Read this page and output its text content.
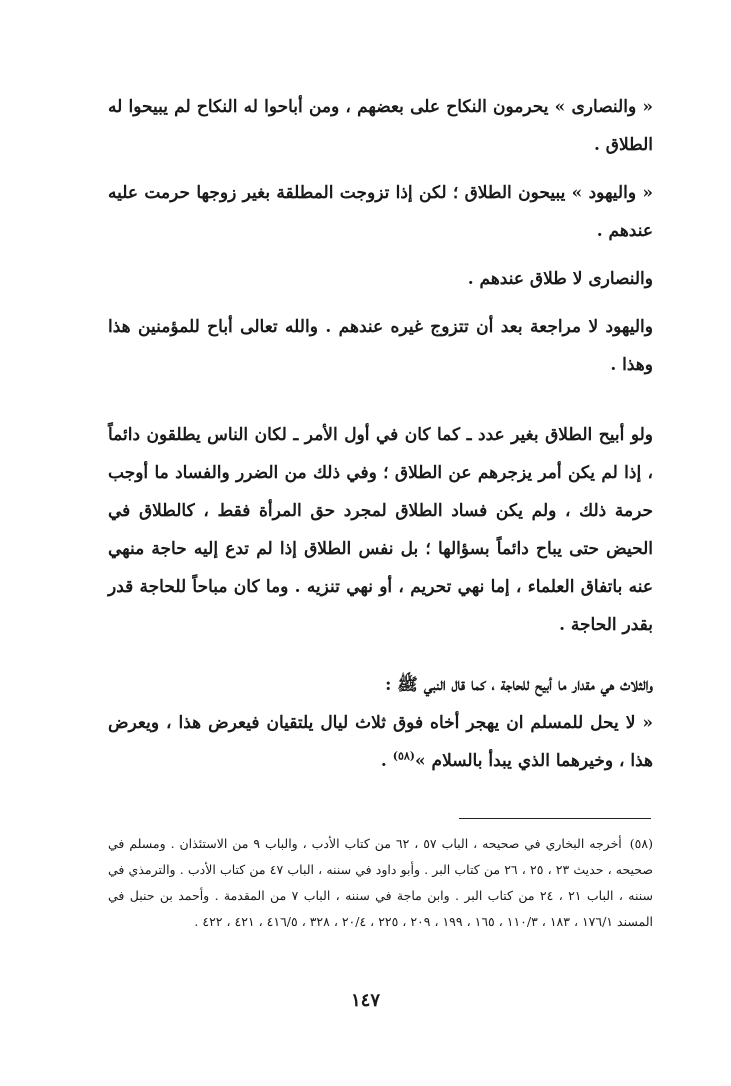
« والنصارى » يحرمون النكاح على بعضهم ، ومن أباحوا له النكاح لم يبيحوا له الطلاق .

« واليهود » يبيحون الطلاق ؛ لكن إذا تزوجت المطلقة بغير زوجها حرمت عليه عندهم .

والنصارى لا طلاق عندهم .

واليهود لا مراجعة بعد أن تتزوج غيره عندهم . والله تعالى أباح للمؤمنين هذا وهذا .

ولو أبيح الطلاق بغير عدد ـ كما كان في أول الأمر ـ لكان الناس يطلقون دائماً ، إذا لم يكن أمر يزجرهم عن الطلاق ؛ وفي ذلك من الضرر والفساد ما أوجب حرمة ذلك ، ولم يكن فساد الطلاق لمجرد حق المرأة فقط ، كالطلاق في الحيض حتى يباح دائماً بسؤالها ؛ بل نفس الطلاق إذا لم تدع إليه حاجة منهي عنه باتفاق العلماء ، إما نهي تحريم ، أو نهي تنزيه . وما كان مباحاً للحاجة قدر بقدر الحاجة .

والثلاث هي مقدار ما أبيح للحاجة ، كما قال النبي ﷺ :

« لا يحل للمسلم ان يهجر أخاه فوق ثلاث ليال يلتقيان فيعرض هذا ، ويعرض هذا ، وخيرهما الذي يبدأ بالسلام »$^{(٥٨)}$ .

(٥٨)أخرجه البخاري في صحيحه ، الباب ٥٧ ، ٦٢ من كتاب الأدب ، والباب ٩ من الاستئذان . ومسلم في صحيحه ، حديث ٢٣ ، ٢٥ ، ٢٦ من كتاب البر . وأبو داود في سننه ، الباب ٤٧ من كتاب الأدب . والترمذي في سننه ، الباب ٢١ ، ٢٤ من كتاب البر . وابن ماجة في سننه ، الباب ٧ من المقدمة . وأحمد بن حنبل في المسند ١٧٦/١ ، ١٨٣ ، ١١٠/٣ ، ١٦٥ ، ١٩٩ ، ٢٠٩ ، ٢٢٥ ، ٢٠/٤ ، ٣٢٨ ، ٤١٦/٥ ، ٤٢١ ، ٤٢٢ .
١٤٧
